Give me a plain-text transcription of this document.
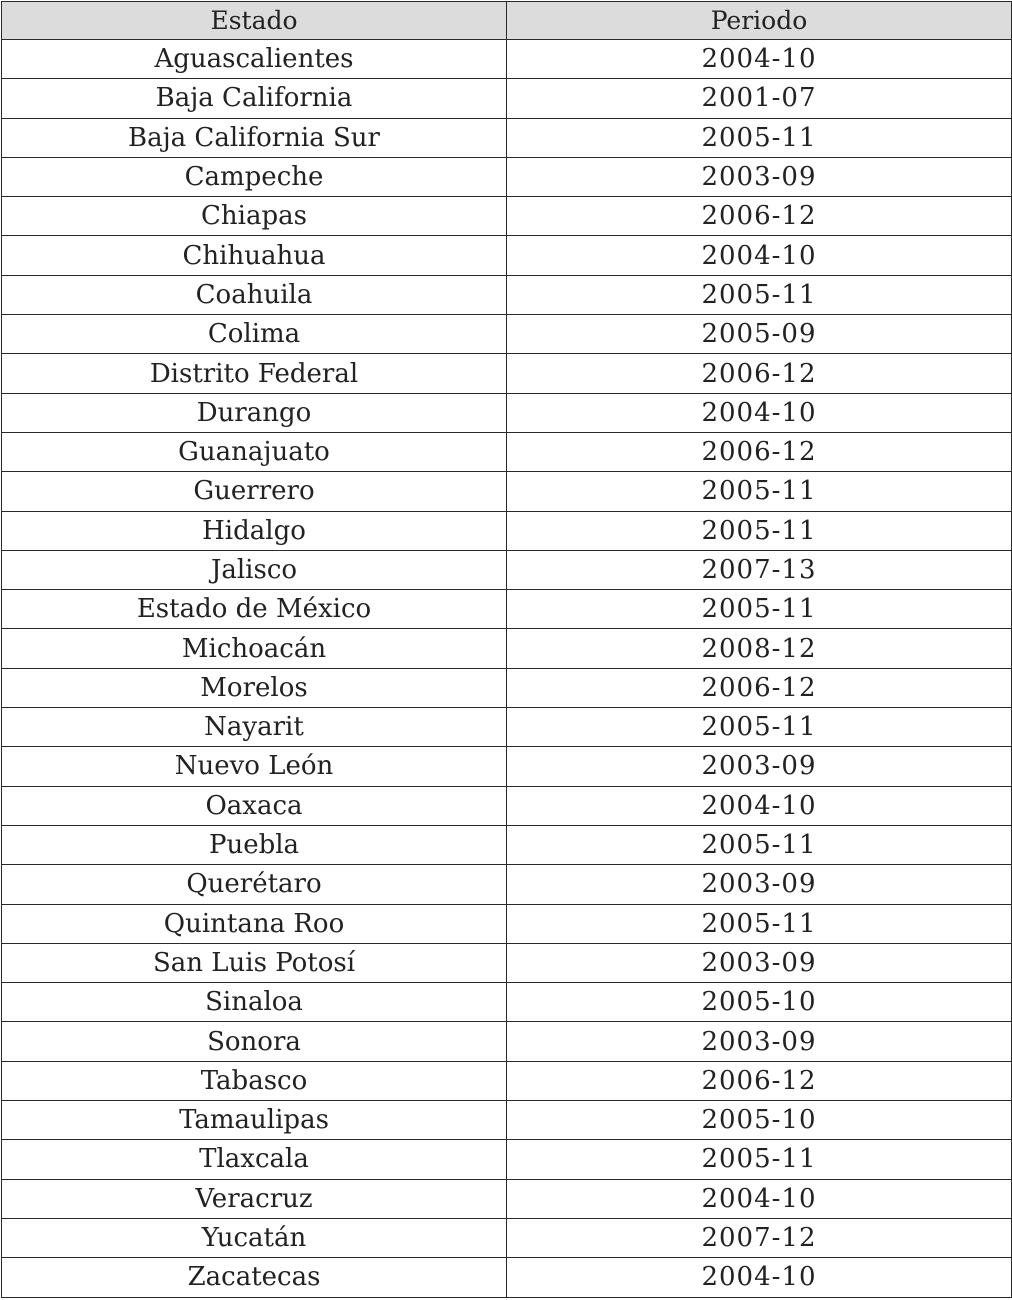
Estado	Periodo
Aguascalientes	2004-10
Baja California	2001-07
Baja California Sur	2005-11
Campeche	2003-09
Chiapas	2006-12
Chihuahua	2004-10
Coahuila	2005-11
Colima	2005-09
Distrito Federal	2006-12
Durango	2004-10
Guanajuato	2006-12
Guerrero	2005-11
Hidalgo	2005-11
Jalisco	2007-13
Estado de México	2005-11
Michoacán	2008-12
Morelos	2006-12
Nayarit	2005-11
Nuevo León	2003-09
Oaxaca	2004-10
Puebla	2005-11
Querétaro	2003-09
Quintana Roo	2005-11
San Luis Potosí	2003-09
Sinaloa	2005-10
Sonora	2003-09
Tabasco	2006-12
Tamaulipas	2005-10
Tlaxcala	2005-11
Veracruz	2004-10
Yucatán	2007-12
Zacatecas	2004-10
